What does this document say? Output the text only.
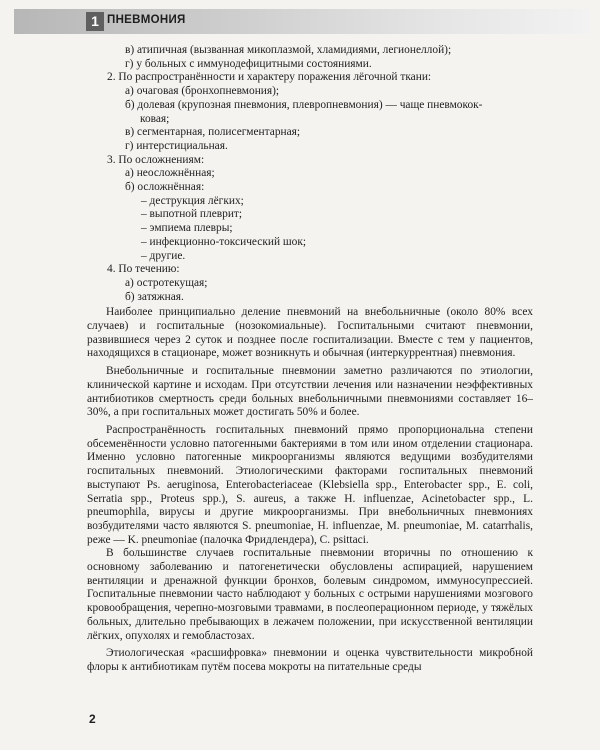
1 ПНЕВМОНИЯ
в) атипичная (вызванная микоплазмой, хламидиями, легионеллой);
г) у больных с иммунодефицитными состояниями.
2. По распространённости и характеру поражения лёгочной ткани:
а) очаговая (бронхопневмония);
б) долевая (крупозная пневмония, плевропневмония) — чаще пневмокок-
ковая;
в) сегментарная, полисегментарная;
г) интерстициальная.
3. По осложнениям:
а) неосложнённая;
б) осложнённая:
– деструкция лёгких;
– выпотной плеврит;
– эмпиема плевры;
– инфекционно-токсический шок;
– другие.
4. По течению:
а) остротекущая;
б) затяжная.

Наиболее принципиально деление пневмоний на внебольничные (около 80% всех случаев) и госпитальные (нозокомиальные). Госпитальными считают пневмонии, развившиеся через 2 суток и позднее после госпитализации. Вместе с тем у пациентов, находящихся в стационаре, может возникнуть и обычная (интеркуррентная) пневмония.

Внебольничные и госпитальные пневмонии заметно различаются по этиологии, клинической картине и исходам. При отсутствии лечения или назначении неэффективных антибиотиков смертность среди больных внебольничными пневмониями составляет 16–30%, а при госпитальных может достигать 50% и более.

Распространённость госпитальных пневмоний прямо пропорциональна степени обсеменённости условно патогенными бактериями в том или ином отделении стационара. Именно условно патогенные микроорганизмы являются ведущими возбудителями госпитальных пневмоний. Этиологическими факторами госпитальных пневмоний выступают Ps. aeruginosa, Enterobacteriaceae (Klebsiella spp., Enterobacter spp., E. coli, Serratia spp., Proteus spp.), S. aureus, а также H. influenzae, Acinetobacter spp., L. pneumophila, вирусы и другие микроорганизмы. При внебольничных пневмониях возбудителями часто являются S. pneumoniae, H. influenzae, M. pneumoniae, M. catarrhalis, реже — K. pneumoniae (палочка Фридлендера), C. psittaci.

В большинстве случаев госпитальные пневмонии вторичны по отношению к основному заболеванию и патогенетически обусловлены аспирацией, нарушением вентиляции и дренажной функции бронхов, болевым синдромом, иммуносупрессией. Госпитальные пневмонии часто наблюдают у больных с острыми нарушениями мозгового кровообращения, черепно-мозговыми травмами, в послеоперационном периоде, у тяжёлых больных, длительно пребывающих в лежачем положении, при искусственной вентиляции лёгких, опухолях и гемобластозах.

Этиологическая «расшифровка» пневмонии и оценка чувствительности микробной флоры к антибиотикам путём посева мокроты на питательные среды

2
